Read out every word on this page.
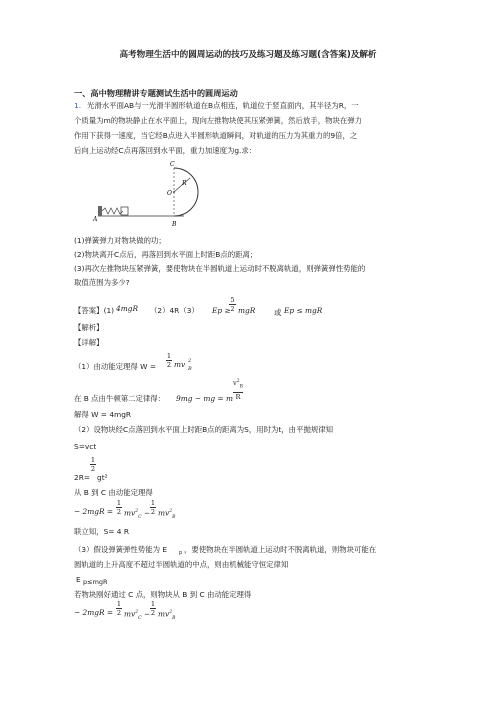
高考物理生活中的圆周运动的技巧及练习题及练习题(含答案)及解析
一、高中物理精讲专题测试生活中的圆周运动
1. 光滑水平面AB与一光滑半圆形轨道在B点相连，轨道位于竖直面内，其半径为R，一
个质量为m的物块静止在水平面上，现向左推物块使其压紧弹簧，然后放手，物块在弹力
作用下获得一速度，当它经B点进入半圆形轨道瞬间，对轨道的压力为其重力的9倍，之
后向上运动经C点再落回到水平面，重力加速度为g.求：
A
B
C
O
R
(1)弹簧弹力对物块做的功；
(2)物块离开C点后，再落回到水平面上时距B点的距离；
(3)再次左推物块压紧弹簧，要使物块在半圆轨道上运动时不脱离轨道，则弹簧弹性势能的
取值范围为多少?
【答案】(1) 4mgR （2）4R（3） Ep ≥
$\frac{5}{2}$ mgR	或 Ep ≤ mgR
【解析】
【详解】
（1）由动能定理得 $W = \frac{1}{2}$ mv B
2
$\frac{v^2_B}{R}$
在 B 点由牛顿第二定律得： 9mg − mg = m
解得 W = 4mgR
（2）设物块经C点落回到水平面上时距B点的距离为S，用时为t，由平抛规律知
S=vct
$\frac{1}{2}$
2R= gt²
从 B 到 C 由动能定理得
− $2mgR = \frac{1}{2} mv^2_C - \frac{1}{2} mv^2_B$
联立知，S= 4 R
（3）假设弹簧弹性势能为 E p ，要使物块在半圆轨道上运动时不脱离轨道，则物块可能在
圆轨道的上升高度不超过半圆轨道的中点，则由机械能守恒定律知
E p≤mgR
若物块刚好通过 C 点，则物块从 B 到 C 由动能定理得
− $2mgR = \frac{1}{2} mv^2_C - \frac{1}{2} mv^2_B$
